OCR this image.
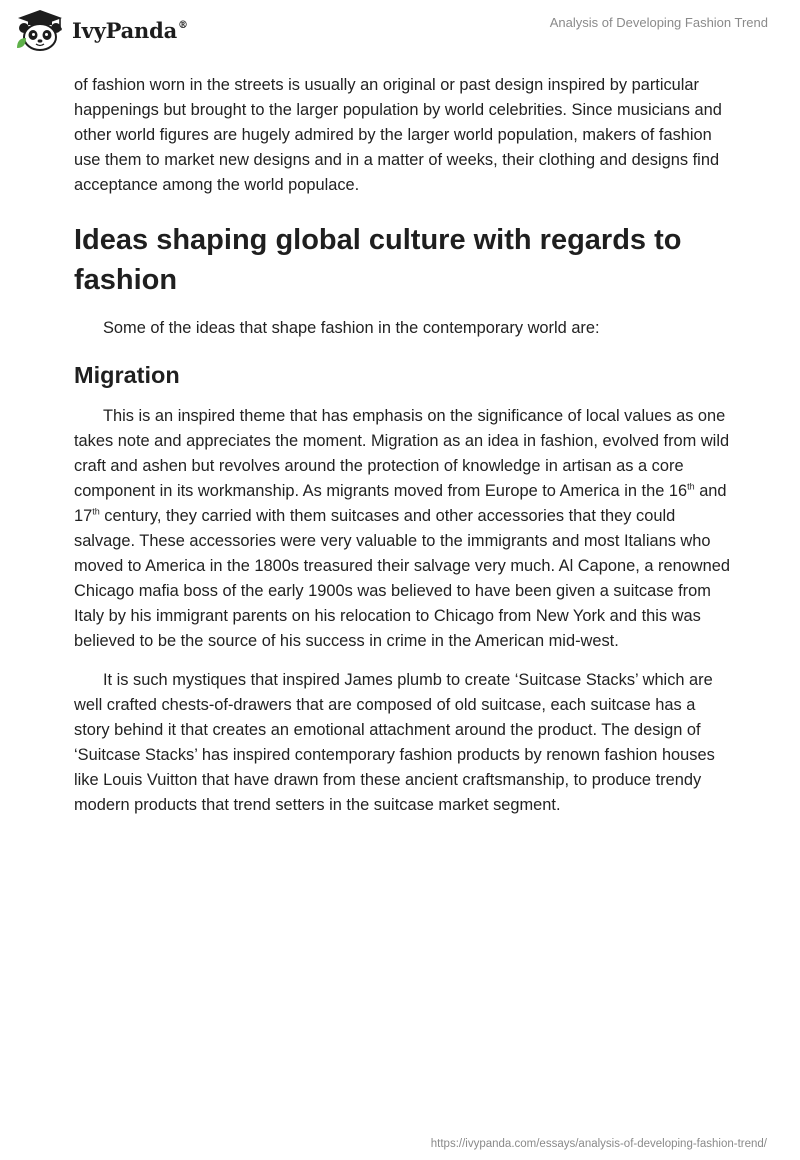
IvyPanda®	Analysis of Developing Fashion Trend

of fashion worn in the streets is usually an original or past design inspired by particular happenings but brought to the larger population by world celebrities. Since musicians and other world figures are hugely admired by the larger world population, makers of fashion use them to market new designs and in a matter of weeks, their clothing and designs find acceptance among the world populace.

Ideas shaping global culture with regards to fashion

Some of the ideas that shape fashion in the contemporary world are:

Migration

This is an inspired theme that has emphasis on the significance of local values as one takes note and appreciates the moment. Migration as an idea in fashion, evolved from wild craft and ashen but revolves around the protection of knowledge in artisan as a core component in its workmanship. As migrants moved from Europe to America in the 16th and 17th century, they carried with them suitcases and other accessories that they could salvage. These accessories were very valuable to the immigrants and most Italians who moved to America in the 1800s treasured their salvage very much. Al Capone, a renowned Chicago mafia boss of the early 1900s was believed to have been given a suitcase from Italy by his immigrant parents on his relocation to Chicago from New York and this was believed to be the source of his success in crime in the American mid-west.

It is such mystiques that inspired James plumb to create ‘Suitcase Stacks’ which are well crafted chests-of-drawers that are composed of old suitcase, each suitcase has a story behind it that creates an emotional attachment around the product. The design of ‘Suitcase Stacks’ has inspired contemporary fashion products by renown fashion houses like Louis Vuitton that have drawn from these ancient craftsmanship, to produce trendy modern products that trend setters in the suitcase market segment.

https://ivypanda.com/essays/analysis-of-developing-fashion-trend/
